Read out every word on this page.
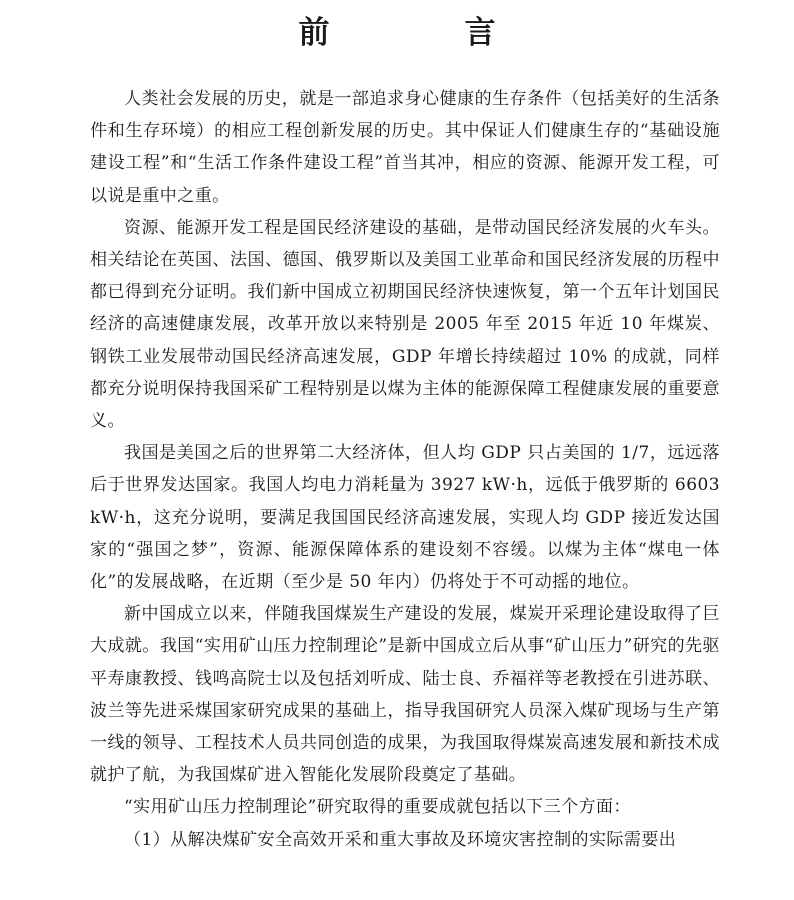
前　言

人类社会发展的历史，就是一部追求身心健康的生存条件（包括美好的生活条件和生存环境）的相应工程创新发展的历史。其中保证人们健康生存的“基础设施建设工程”和“生活工作条件建设工程”首当其冲，相应的资源、能源开发工程，可以说是重中之重。

资源、能源开发工程是国民经济建设的基础，是带动国民经济发展的火车头。相关结论在英国、法国、德国、俄罗斯以及美国工业革命和国民经济发展的历程中都已得到充分证明。我们新中国成立初期国民经济快速恢复，第一个五年计划国民经济的高速健康发展，改革开放以来特别是 2005 年至 2015 年近 10 年煤炭、钢铁工业发展带动国民经济高速发展，GDP 年增长持续超过 10% 的成就，同样都充分说明保持我国采矿工程特别是以煤为主体的能源保障工程健康发展的重要意义。

我国是美国之后的世界第二大经济体，但人均 GDP 只占美国的 1/7，远远落后于世界发达国家。我国人均电力消耗量为 3927 kW·h，远低于俄罗斯的 6603 kW·h，这充分说明，要满足我国国民经济高速发展，实现人均 GDP 接近发达国家的“强国之梦”，资源、能源保障体系的建设刻不容缓。以煤为主体“煤电一体化”的发展战略，在近期（至少是 50 年内）仍将处于不可动摇的地位。

新中国成立以来，伴随我国煤炭生产建设的发展，煤炭开采理论建设取得了巨大成就。我国“实用矿山压力控制理论”是新中国成立后从事“矿山压力”研究的先驱平寿康教授、钱鸣高院士以及包括刘听成、陆士良、乔福祥等老教授在引进苏联、波兰等先进采煤国家研究成果的基础上，指导我国研究人员深入煤矿现场与生产第一线的领导、工程技术人员共同创造的成果，为我国取得煤炭高速发展和新技术成就护了航，为我国煤矿进入智能化发展阶段奠定了基础。

“实用矿山压力控制理论”研究取得的重要成就包括以下三个方面：

（1）从解决煤矿安全高效开采和重大事故及环境灾害控制的实际需要出
